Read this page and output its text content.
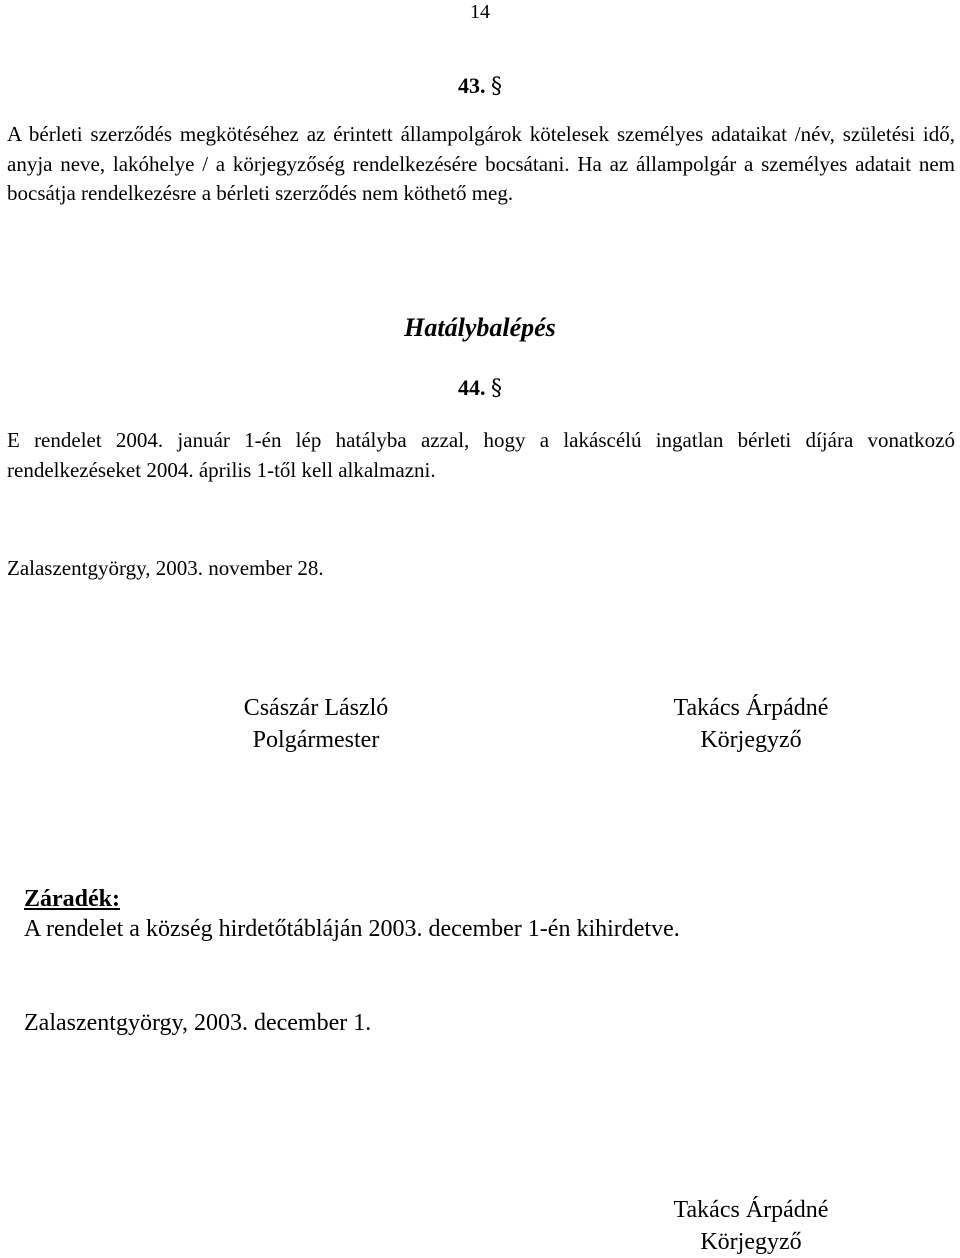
14
43. §
A bérleti szerződés megkötéséhez az érintett állampolgárok kötelesek személyes adataikat /név, születési idő, anyja neve, lakóhelye / a körjegyzőség rendelkezésére bocsátani. Ha az állampolgár a személyes adatait nem bocsátja rendelkezésre a bérleti szerződés nem köthető meg.
Hatálybalépés
44. §
E rendelet 2004. január 1-én lép hatályba azzal, hogy a lakáscélú ingatlan bérleti díjára vonatkozó rendelkezéseket 2004. április 1-től kell alkalmazni.
Zalaszentgyörgy, 2003. november 28.
Császár László
Polgármester
Takács Árpádné
Körjegyző
Záradék:
A rendelet a község hirdetőtábláján 2003. december 1-én kihirdetve.
Zalaszentgyörgy, 2003. december 1.
Takács Árpádné
Körjegyző
